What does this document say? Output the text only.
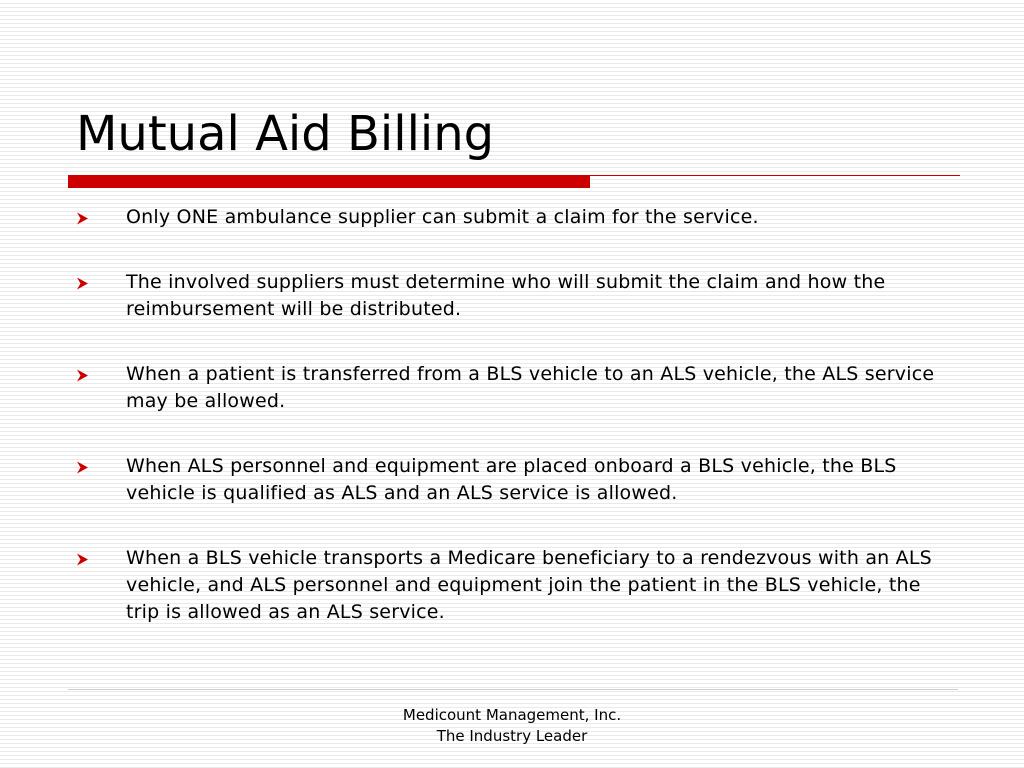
Mutual Aid Billing
Only ONE ambulance supplier can submit a claim for the service.
The involved suppliers must determine who will submit the claim and how the reimbursement will be distributed.
When a patient is transferred from a BLS vehicle to an ALS vehicle, the ALS service may be allowed.
When ALS personnel and equipment are placed onboard a BLS vehicle, the BLS vehicle is qualified as ALS and an ALS service is allowed.
When a BLS vehicle transports a Medicare beneficiary to a rendezvous with an ALS vehicle, and ALS personnel and equipment join the patient in the BLS vehicle, the trip is allowed as an ALS service.
Medicount Management, Inc.
The Industry Leader
